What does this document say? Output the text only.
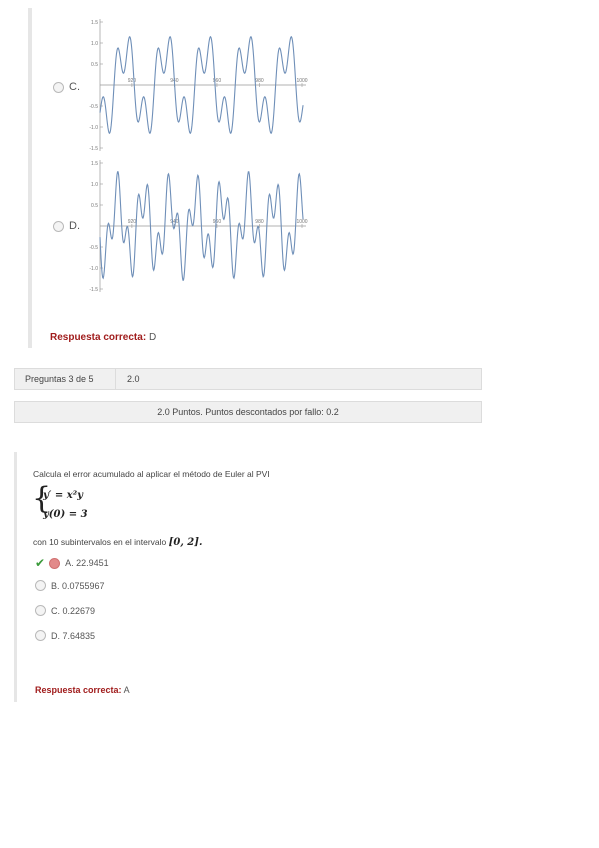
C.
1.5
1.0
0.5
-0.5
-1.0
-1.5
920	940	960	980	1000
D.
1.5
1.0
0.5
-0.5
-1.0
-1.5
920	940	960	980	1000
Respuesta correcta: D
Preguntas 3 de 5	2.0
2.0 Puntos. Puntos descontados por fallo: 0.2
Calcula el error acumulado al aplicar el método de Euler al PVI
{
y′ = x²y
y(0) = 3
con 10 subintervalos en el intervalo [0, 2].
✔ A. 22.9451
B. 0.0755967
C. 0.22679
D. 7.64835
Respuesta correcta: A
